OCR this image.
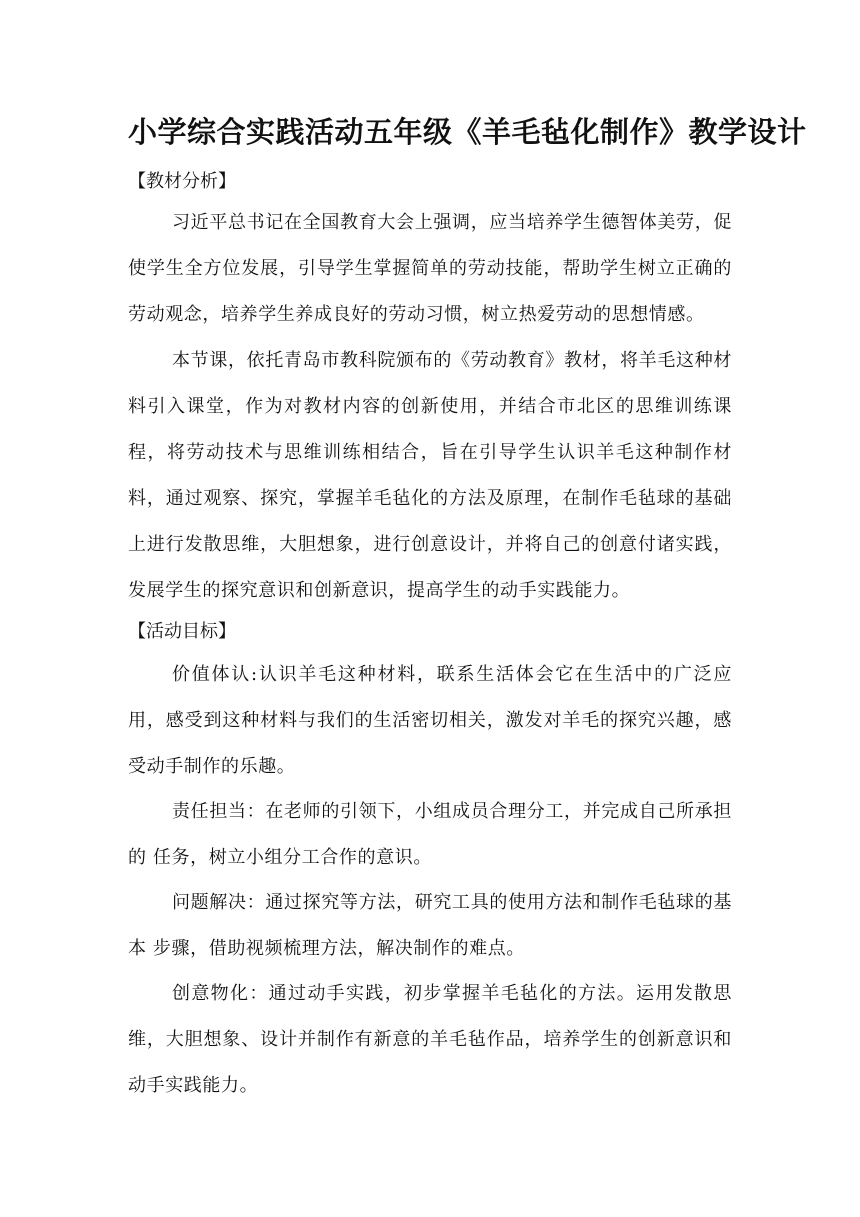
小学综合实践活动五年级《羊毛毡化制作》教学设计
【教材分析】

习近平总书记在全国教育大会上强调，应当培养学生德智体美劳，促使学生全方位发展，引导学生掌握简单的劳动技能，帮助学生树立正确的劳动观念，培养学生养成良好的劳动习惯，树立热爱劳动的思想情感。

本节课，依托青岛市教科院颁布的《劳动教育》教材，将羊毛这种材料引入课堂，作为对教材内容的创新使用，并结合市北区的思维训练课程，将劳动技术与思维训练相结合，旨在引导学生认识羊毛这种制作材料，通过观察、探究，掌握羊毛毡化的方法及原理，在制作毛毡球的基础上进行发散思维，大胆想象，进行创意设计，并将自己的创意付诸实践，发展学生的探究意识和创新意识，提高学生的动手实践能力。

【活动目标】

价值体认:认识羊毛这种材料，联系生活体会它在生活中的广泛应用，感受到这种材料与我们的生活密切相关，激发对羊毛的探究兴趣，感受动手制作的乐趣。

责任担当：在老师的引领下，小组成员合理分工，并完成自己所承担的 任务，树立小组分工合作的意识。

问题解决：通过探究等方法，研究工具的使用方法和制作毛毡球的基本 步骤，借助视频梳理方法，解决制作的难点。

创意物化：通过动手实践，初步掌握羊毛毡化的方法。运用发散思维，大胆想象、设计并制作有新意的羊毛毡作品，培养学生的创新意识和动手实践能力。
